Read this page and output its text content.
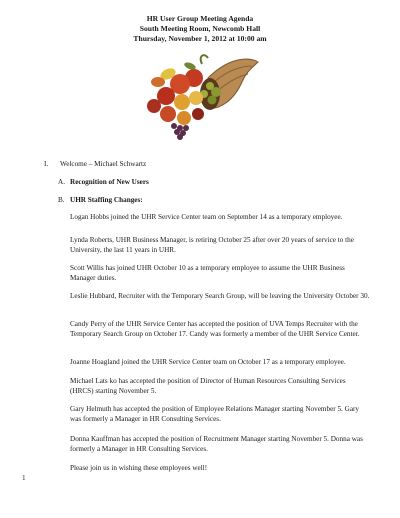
HR User Group Meeting Agenda
South Meeting Room, Newcomb Hall
Thursday, November 1, 2012 at 10:00 am
I. Welcome – Michael Schwartz
A. Recognition of New Users
B. UHR Staffing Changes:
Logan Hobbs joined the UHR Service Center team on September 14 as a temporary employee.
Lynda Roberts, UHR Business Manager, is retiring October 25 after over 20 years of service to the University, the last 11 years in UHR.
Scott Willis has joined UHR October 10 as a temporary employee to assume the UHR Business Manager duties.
Leslie Hubbard, Recruiter with the Temporary Search Group, will be leaving the University October 30.
Candy Perry of the UHR Service Center has accepted the position of UVA Temps Recruiter with the Temporary Search Group on October 17. Candy was formerly a member of the UHR Service Center.
Joanne Hoagland joined the UHR Service Center team on October 17 as a temporary employee.
Michael Lats ko has accepted the position of Director of Human Resources Consulting Services (HRCS) starting November 5.
Gary Helmuth has accepted the position of Employee Relations Manager starting November 5. Gary was formerly a Manager in HR Consulting Services.
Donna Kauffman has accepted the position of Recruitment Manager starting November 5. Donna was formerly a Manager in HR Consulting Services.
Please join us in wishing these employees well!
1
